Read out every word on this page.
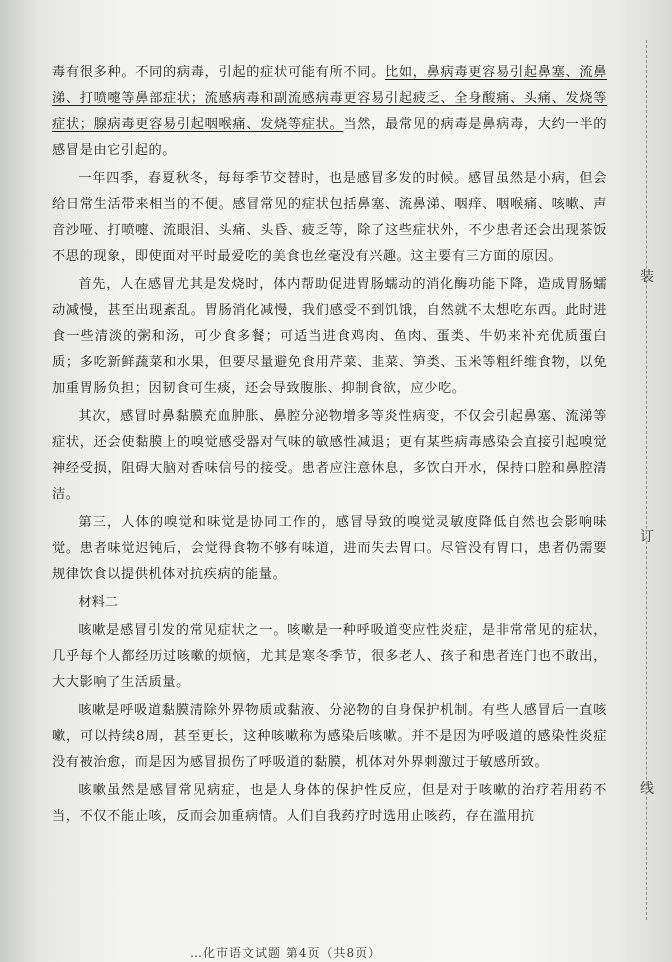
装
订
线

毒有很多种。不同的病毒，引起的症状可能有所不同。比如，鼻病毒更容易引起鼻塞、流鼻涕、打喷嚏等鼻部症状；流感病毒和副流感病毒更容易引起疲乏、全身酸痛、头痛、发烧等症状；腺病毒更容易引起咽喉痛、发烧等症状。当然，最常见的病毒是鼻病毒，大约一半的感冒是由它引起的。

一年四季，春夏秋冬，每每季节交替时，也是感冒多发的时候。感冒虽然是小病，但会给日常生活带来相当的不便。感冒常见的症状包括鼻塞、流鼻涕、咽痒、咽喉痛、咳嗽、声音沙哑、打喷嚏、流眼泪、头痛、头昏、疲乏等，除了这些症状外，不少患者还会出现茶饭不思的现象，即使面对平时最爱吃的美食也丝毫没有兴趣。这主要有三方面的原因。

首先，人在感冒尤其是发烧时，体内帮助促进胃肠蠕动的消化酶功能下降，造成胃肠蠕动减慢，甚至出现紊乱。胃肠消化减慢，我们感受不到饥饿，自然就不太想吃东西。此时进食一些清淡的粥和汤，可少食多餐；可适当进食鸡肉、鱼肉、蛋类、牛奶来补充优质蛋白质；多吃新鲜蔬菜和水果，但要尽量避免食用芹菜、韭菜、笋类、玉米等粗纤维食物，以免加重胃肠负担；因韧食可生痰，还会导致腹胀、抑制食欲，应少吃。

其次，感冒时鼻黏膜充血肿胀、鼻腔分泌物增多等炎性病变，不仅会引起鼻塞、流涕等症状，还会使黏膜上的嗅觉感受器对气味的敏感性减退；更有某些病毒感染会直接引起嗅觉神经受损，阻碍大脑对香味信号的接受。患者应注意休息，多饮白开水，保持口腔和鼻腔清洁。

第三，人体的嗅觉和味觉是协同工作的，感冒导致的嗅觉灵敏度降低自然也会影响味觉。患者味觉迟钝后，会觉得食物不够有味道，进而失去胃口。尽管没有胃口，患者仍需要规律饮食以提供机体对抗疾病的能量。

材料二

咳嗽是感冒引发的常见症状之一。咳嗽是一种呼吸道变应性炎症，是非常常见的症状，几乎每个人都经历过咳嗽的烦恼，尤其是寒冬季节，很多老人、孩子和患者连门也不敢出，大大影响了生活质量。

咳嗽是呼吸道黏膜清除外界物质或黏液、分泌物的自身保护机制。有些人感冒后一直咳嗽，可以持续8周，甚至更长，这种咳嗽称为感染后咳嗽。并不是因为呼吸道的感染性炎症没有被治愈，而是因为感冒损伤了呼吸道的黏膜，机体对外界刺激过于敏感所致。

咳嗽虽然是感冒常见病症，也是人身体的保护性反应，但是对于咳嗽的治疗若用药不当，不仅不能止咳，反而会加重病情。人们自我药疗时选用止咳药，存在滥用抗

…化市语文试题 第4页（共8页）
